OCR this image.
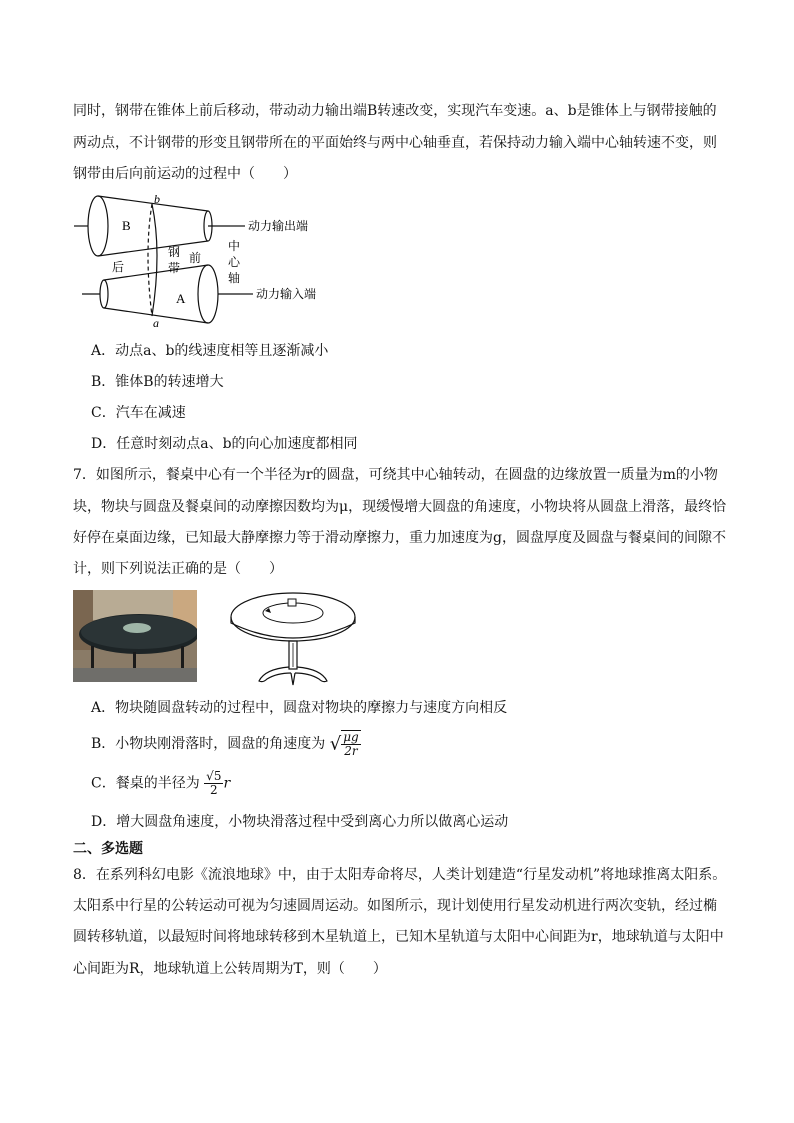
同时，钢带在锥体上前后移动，带动动力输出端B转速改变，实现汽车变速。a、b是锥体上与钢带接触的
两动点，不计钢带的形变且钢带所在的平面始终与两中心轴垂直，若保持动力输入端中心轴转速不变，则
钢带由后向前运动的过程中（　　）
b
a
B
A
后
钢
带
前
中
心
轴
动力输出端
动力输入端
A．动点a、b的线速度相等且逐渐减小
B．锥体B的转速增大
C．汽车在减速
D．任意时刻动点a、b的向心加速度都相同
7．如图所示，餐桌中心有一个半径为r的圆盘，可绕其中心轴转动，在圆盘的边缘放置一质量为m的小物
块，物块与圆盘及餐桌间的动摩擦因数均为μ，现缓慢增大圆盘的角速度，小物块将从圆盘上滑落，最终恰
好停在桌面边缘，已知最大静摩擦力等于滑动摩擦力，重力加速度为g，圆盘厚度及圆盘与餐桌间的间隙不
计，则下列说法正确的是（　　）
A．物块随圆盘转动的过程中，圆盘对物块的摩擦力与速度方向相反
B．小物块刚滑落时，圆盘的角速度为 √ $\frac{\mu g}{2r}$
C．餐桌的半径为 $\frac{√5}{2}$ r
D．增大圆盘角速度，小物块滑落过程中受到离心力所以做离心运动
二、多选题
8．在系列科幻电影《流浪地球》中，由于太阳寿命将尽，人类计划建造“行星发动机”将地球推离太阳系。
太阳系中行星的公转运动可视为匀速圆周运动。如图所示，现计划使用行星发动机进行两次变轨，经过椭
圆转移轨道，以最短时间将地球转移到木星轨道上，已知木星轨道与太阳中心间距为r，地球轨道与太阳中
心间距为R，地球轨道上公转周期为T，则（　　）
